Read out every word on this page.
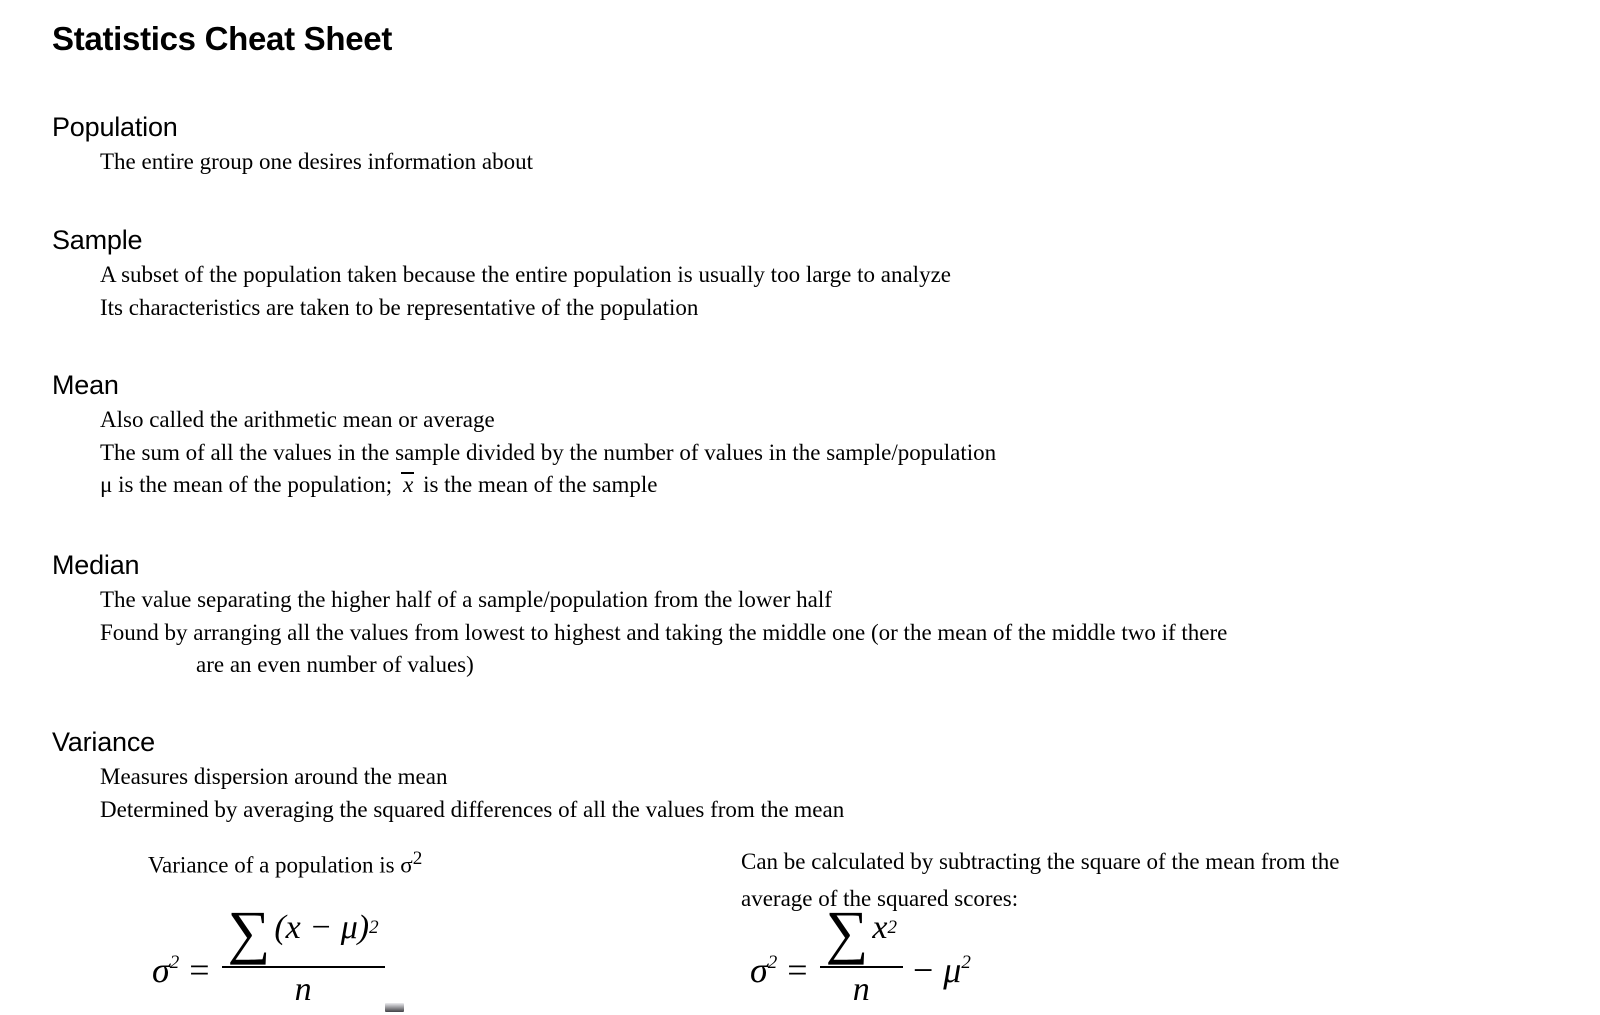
Statistics Cheat Sheet
Population
The entire group one desires information about
Sample
A subset of the population taken because the entire population is usually too large to analyze
Its characteristics are taken to be representative of the population
Mean
Also called the arithmetic mean or average
The sum of all the values in the sample divided by the number of values in the sample/population
μ is the mean of the population; x is the mean of the sample
Median
The value separating the higher half of a sample/population from the lower half
Found by arranging all the values from lowest to highest and taking the middle one (or the mean of the middle two if there
are an even number of values)
Variance
Measures dispersion around the mean
Determined by averaging the squared differences of all the values from the mean
Variance of a population is $\sigma^2$	Can be calculated by subtracting the square of the mean from the
average of the squared scores:
$\sigma^2 = \frac{\sum (x - \mu) 2}{n}$	$\sigma^2 = \frac{\sum x 2}{n} - \mu^2$
